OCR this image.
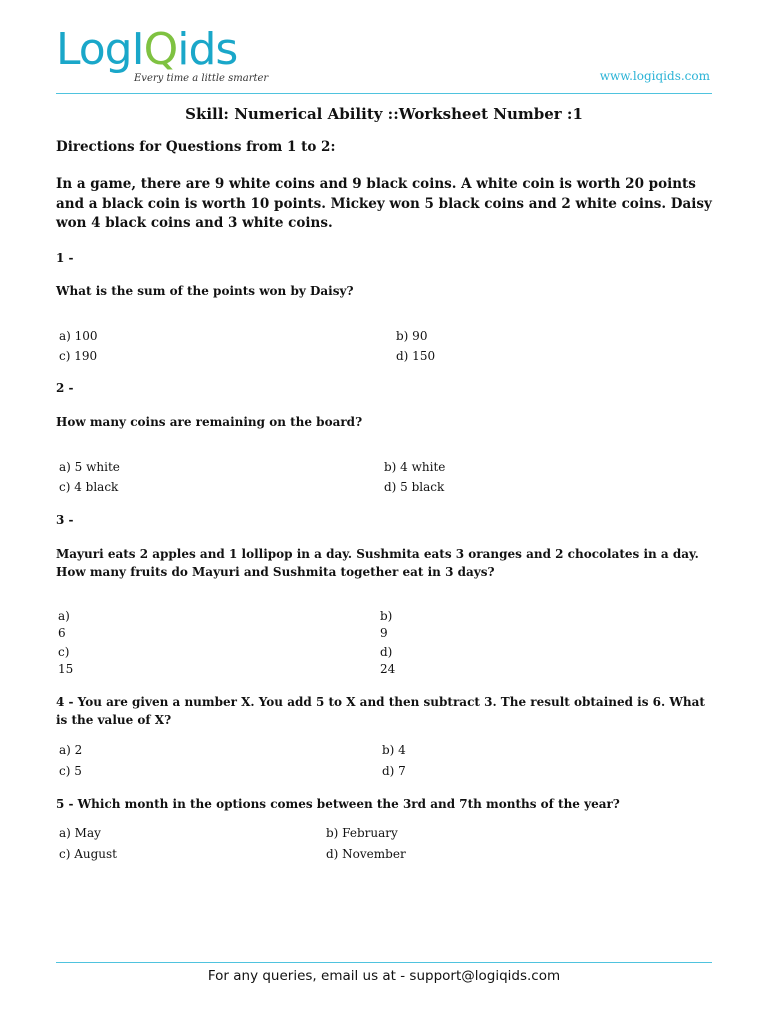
LogIQids
Every time a little smarter	www.logiqids.com
Skill: Numerical Ability ::Worksheet Number :1
Directions for Questions from 1 to 2:
In a game, there are 9 white coins and 9 black coins. A white coin is worth 20 points and a black coin is worth 10 points. Mickey won 5 black coins and 2 white coins. Daisy won 4 black coins and 3 white coins.
1 -
What is the sum of the points won by Daisy?
a) 100	b) 90
c) 190	d) 150
2 -
How many coins are remaining on the board?
a) 5 white	b) 4 white
c) 4 black	d) 5 black
3 -
Mayuri eats 2 apples and 1 lollipop in a day. Sushmita eats 3 oranges and 2 chocolates in a day. How many fruits do Mayuri and Sushmita together eat in 3 days?
a)
6
b)
9
c)
15
d)
24
4 - You are given a number X. You add 5 to X and then subtract 3. The result obtained is 6. What is the value of X?
a) 2	b) 4
c) 5	d) 7
5 - Which month in the options comes between the 3rd and 7th months of the year?
a) May	b) February
c) August	d) November
For any queries, email us at - support@logiqids.com
